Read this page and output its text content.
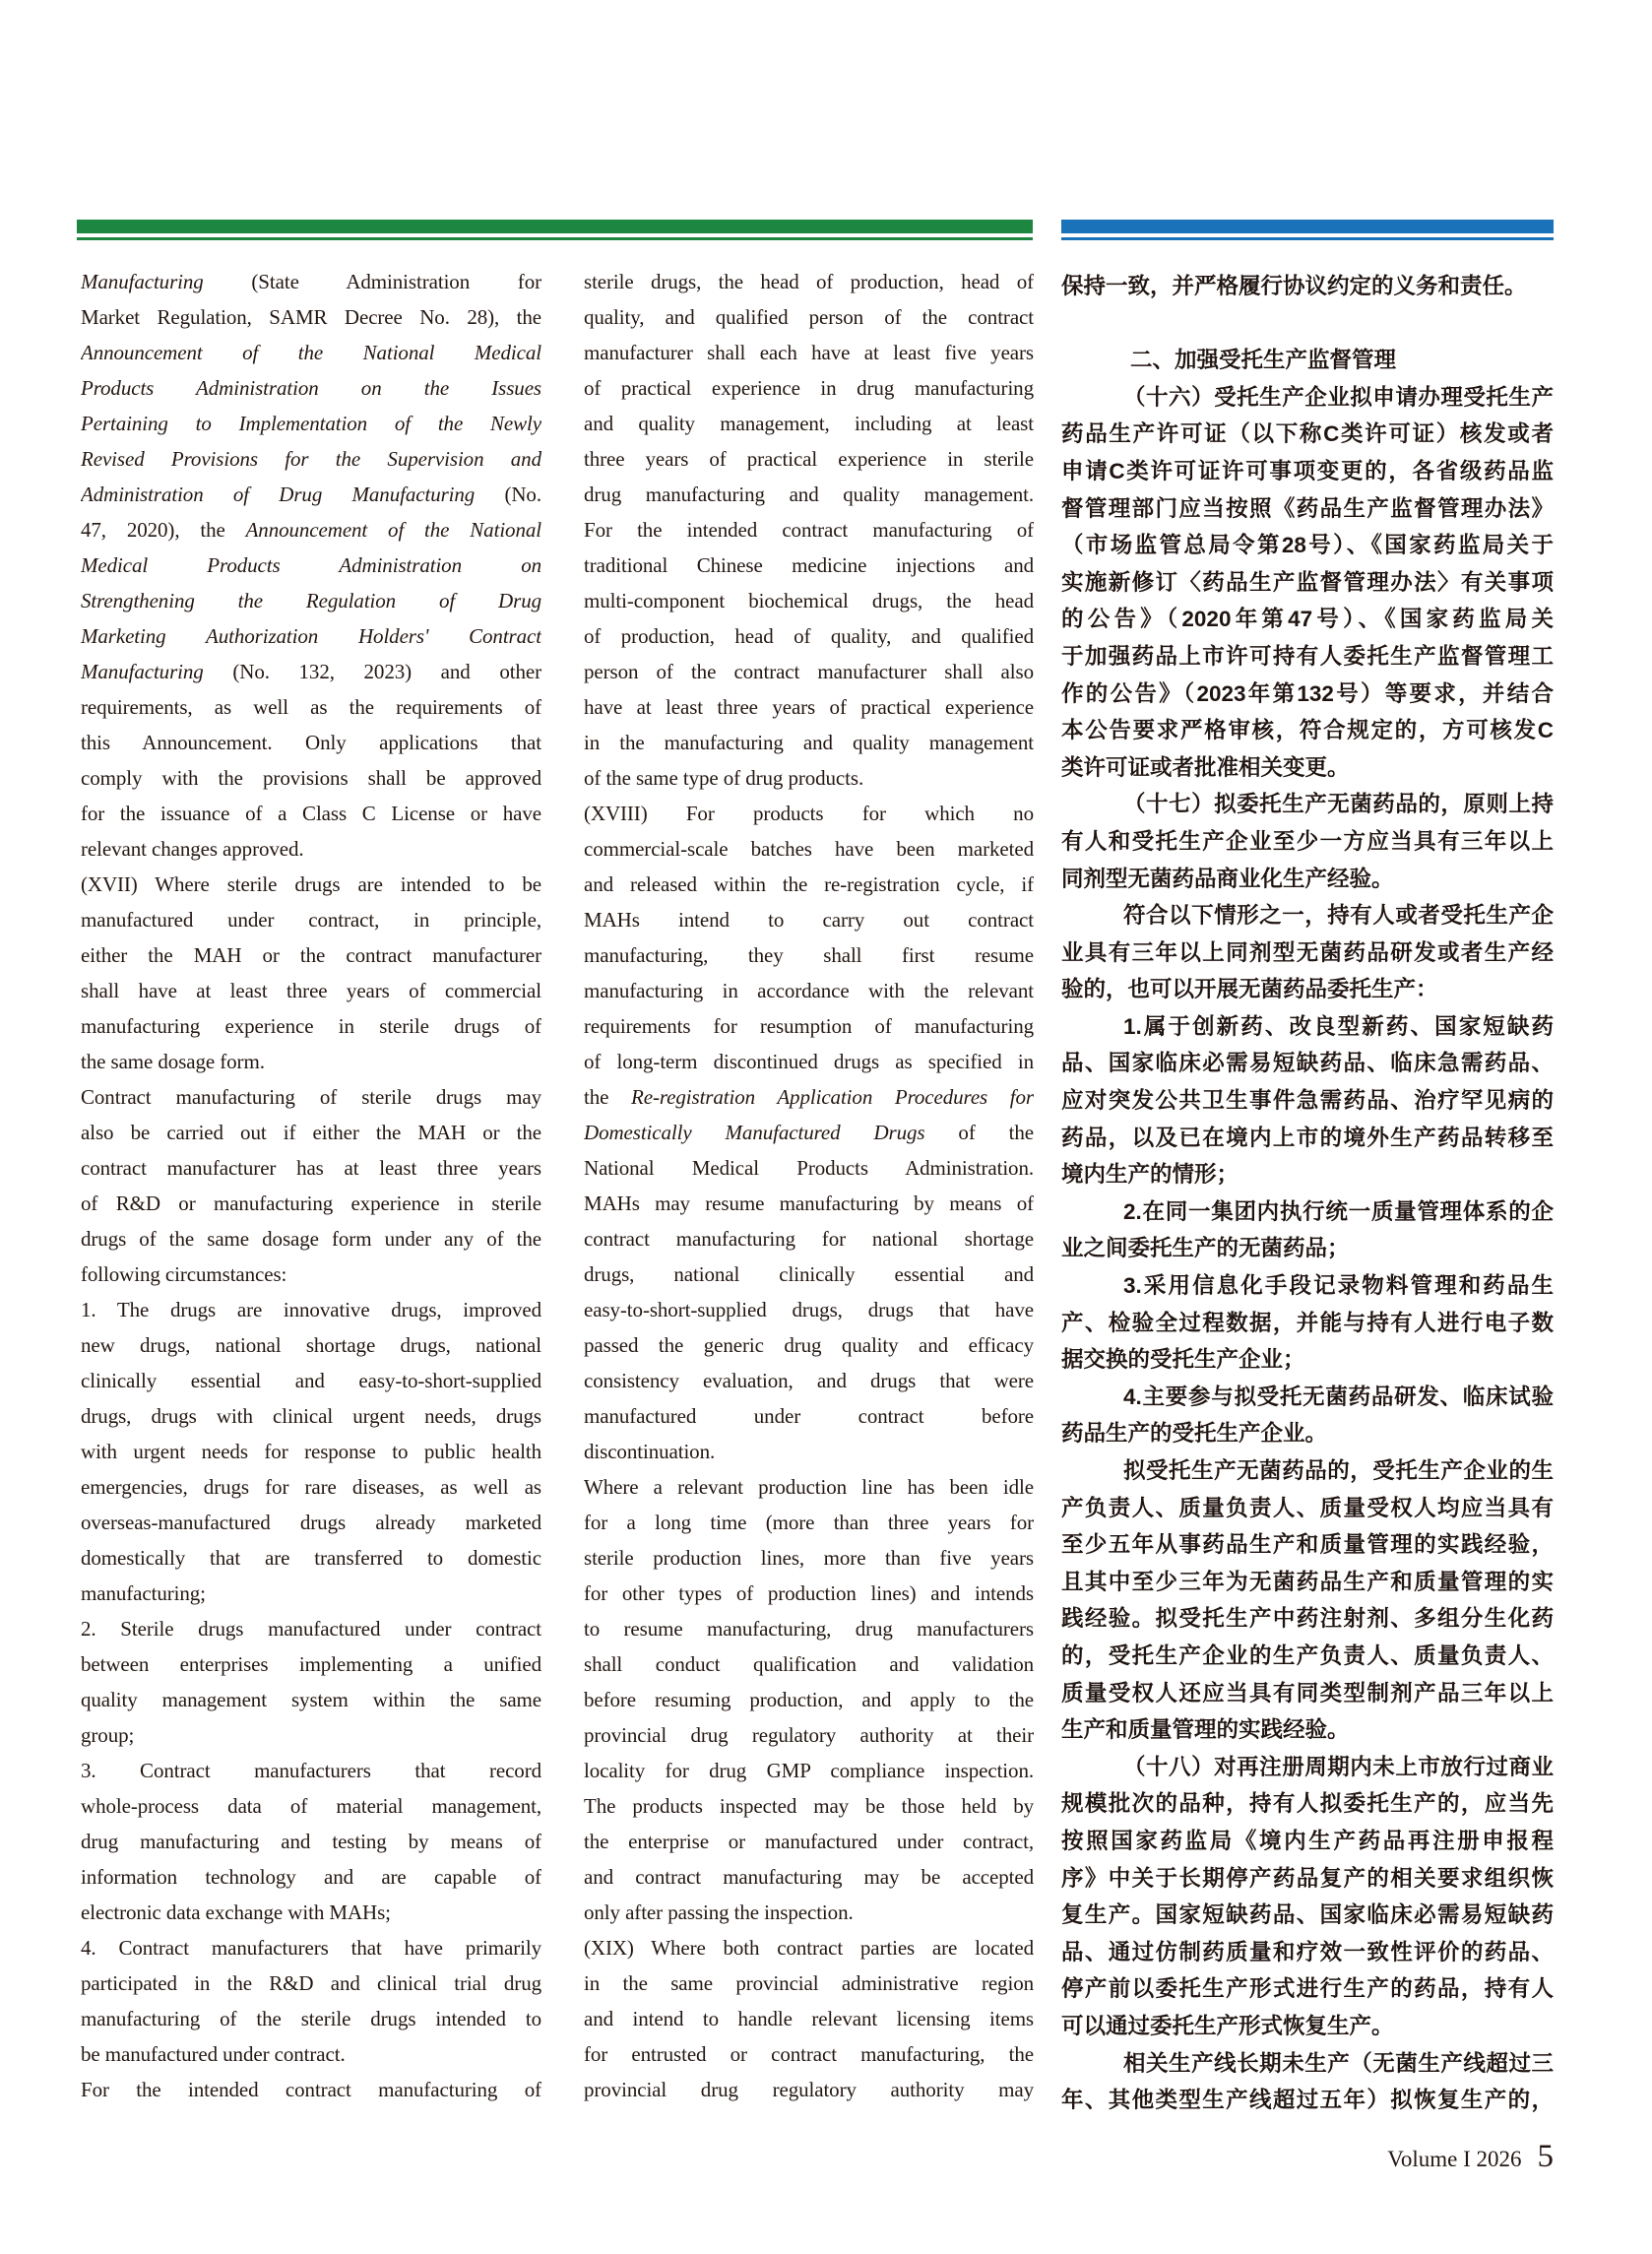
Manufacturing (State Administration for
Market Regulation, SAMR Decree No. 28), the
Announcement of the National Medical
Products Administration on the Issues
Pertaining to Implementation of the Newly
Revised Provisions for the Supervision and
Administration of Drug Manufacturing (No.
47, 2020), the Announcement of the National
Medical Products Administration on
Strengthening the Regulation of Drug
Marketing Authorization Holders' Contract
Manufacturing (No. 132, 2023) and other
requirements, as well as the requirements of
this Announcement. Only applications that
comply with the provisions shall be approved
for the issuance of a Class C License or have
relevant changes approved.
(XVII) Where sterile drugs are intended to be
manufactured under contract, in principle,
either the MAH or the contract manufacturer
shall have at least three years of commercial
manufacturing experience in sterile drugs of
the same dosage form.
Contract manufacturing of sterile drugs may
also be carried out if either the MAH or the
contract manufacturer has at least three years
of R&D or manufacturing experience in sterile
drugs of the same dosage form under any of the
following circumstances:
1. The drugs are innovative drugs, improved
new drugs, national shortage drugs, national
clinically essential and easy-to-short-supplied
drugs, drugs with clinical urgent needs, drugs
with urgent needs for response to public health
emergencies, drugs for rare diseases, as well as
overseas-manufactured drugs already marketed
domestically that are transferred to domestic
manufacturing;
2. Sterile drugs manufactured under contract
between enterprises implementing a unified
quality management system within the same
group;
3. Contract manufacturers that record
whole-process data of material management,
drug manufacturing and testing by means of
information technology and are capable of
electronic data exchange with MAHs;
4. Contract manufacturers that have primarily
participated in the R&D and clinical trial drug
manufacturing of the sterile drugs intended to
be manufactured under contract.
For the intended contract manufacturing of
sterile drugs, the head of production, head of
quality, and qualified person of the contract
manufacturer shall each have at least five years
of practical experience in drug manufacturing
and quality management, including at least
three years of practical experience in sterile
drug manufacturing and quality management.
For the intended contract manufacturing of
traditional Chinese medicine injections and
multi-component biochemical drugs, the head
of production, head of quality, and qualified
person of the contract manufacturer shall also
have at least three years of practical experience
in the manufacturing and quality management
of the same type of drug products.
(XVIII) For products for which no
commercial-scale batches have been marketed
and released within the re-registration cycle, if
MAHs intend to carry out contract
manufacturing, they shall first resume
manufacturing in accordance with the relevant
requirements for resumption of manufacturing
of long-term discontinued drugs as specified in
the Re-registration Application Procedures for
Domestically Manufactured Drugs of the
National Medical Products Administration.
MAHs may resume manufacturing by means of
contract manufacturing for national shortage
drugs, national clinically essential and
easy-to-short-supplied drugs, drugs that have
passed the generic drug quality and efficacy
consistency evaluation, and drugs that were
manufactured under contract before
discontinuation.
Where a relevant production line has been idle
for a long time (more than three years for
sterile production lines, more than five years
for other types of production lines) and intends
to resume manufacturing, drug manufacturers
shall conduct qualification and validation
before resuming production, and apply to the
provincial drug regulatory authority at their
locality for drug GMP compliance inspection.
The products inspected may be those held by
the enterprise or manufactured under contract,
and contract manufacturing may be accepted
only after passing the inspection.
(XIX) Where both contract parties are located
in the same provincial administrative region
and intend to handle relevant licensing items
for entrusted or contract manufacturing, the
provincial drug regulatory authority may
保持一致，并严格履行协议约定的义务和责任。
二、加强受托生产监督管理
（十六）受托生产企业拟申请办理受托生产
药品生产许可证（以下称C类许可证）核发或者
申请C类许可证许可事项变更的，各省级药品监
督管理部门应当按照《药品生产监督管理办法》
（市场监管总局令第28号）、《国家药监局关于
实施新修订〈药品生产监督管理办法〉有关事项
的公告》（2020年第47号）、《国家药监局关
于加强药品上市许可持有人委托生产监督管理工
作的公告》（2023年第132号）等要求，并结合
本公告要求严格审核，符合规定的，方可核发C
类许可证或者批准相关变更。
（十七）拟委托生产无菌药品的，原则上持
有人和受托生产企业至少一方应当具有三年以上
同剂型无菌药品商业化生产经验。
符合以下情形之一，持有人或者受托生产企
业具有三年以上同剂型无菌药品研发或者生产经
验的，也可以开展无菌药品委托生产：
1.属于创新药、改良型新药、国家短缺药
品、国家临床必需易短缺药品、临床急需药品、
应对突发公共卫生事件急需药品、治疗罕见病的
药品，以及已在境内上市的境外生产药品转移至
境内生产的情形；
2.在同一集团内执行统一质量管理体系的企
业之间委托生产的无菌药品；
3.采用信息化手段记录物料管理和药品生
产、检验全过程数据，并能与持有人进行电子数
据交换的受托生产企业；
4.主要参与拟受托无菌药品研发、临床试验
药品生产的受托生产企业。
拟受托生产无菌药品的，受托生产企业的生
产负责人、质量负责人、质量受权人均应当具有
至少五年从事药品生产和质量管理的实践经验，
且其中至少三年为无菌药品生产和质量管理的实
践经验。拟受托生产中药注射剂、多组分生化药
的，受托生产企业的生产负责人、质量负责人、
质量受权人还应当具有同类型制剂产品三年以上
生产和质量管理的实践经验。
（十八）对再注册周期内未上市放行过商业
规模批次的品种，持有人拟委托生产的，应当先
按照国家药监局《境内生产药品再注册申报程
序》中关于长期停产药品复产的相关要求组织恢
复生产。国家短缺药品、国家临床必需易短缺药
品、通过仿制药质量和疗效一致性评价的药品、
停产前以委托生产形式进行生产的药品，持有人
可以通过委托生产形式恢复生产。
相关生产线长期未生产（无菌生产线超过三
年、其他类型生产线超过五年）拟恢复生产的，
Volume I 2026 5
